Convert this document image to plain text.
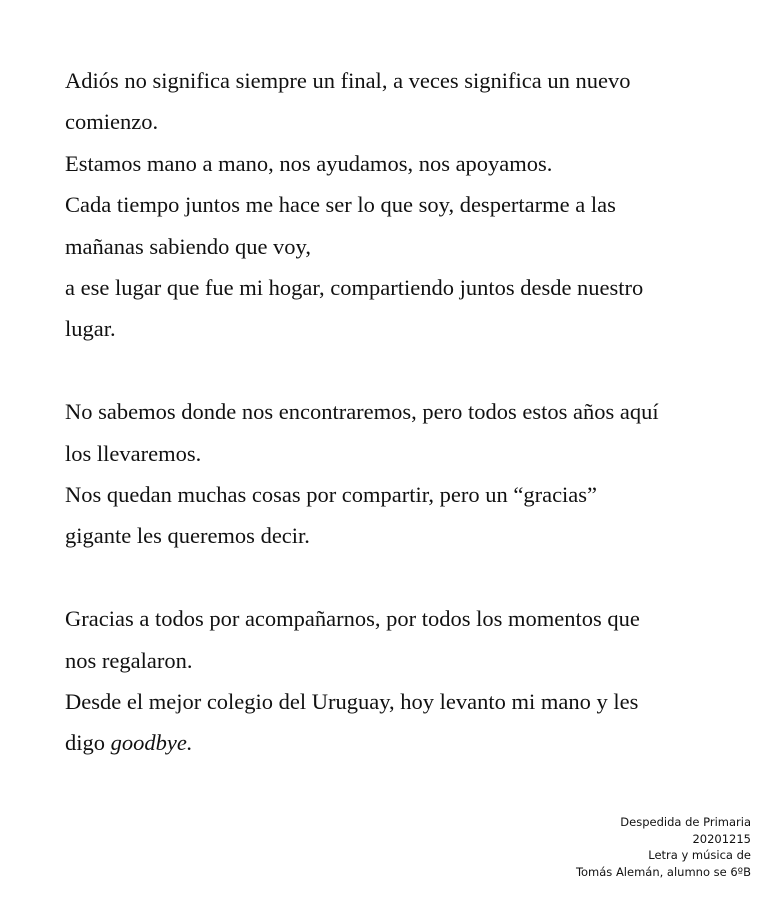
Adiós no significa siempre un final, a veces significa un nuevo
comienzo.
Estamos mano a mano, nos ayudamos, nos apoyamos.
Cada tiempo juntos me hace ser lo que soy, despertarme a las
mañanas sabiendo que voy,
a ese lugar que fue mi hogar, compartiendo juntos desde nuestro
lugar.
No sabemos donde nos encontraremos, pero todos estos años aquí
los llevaremos.
Nos quedan muchas cosas por compartir, pero un “gracias”
gigante les queremos decir.
Gracias a todos por acompañarnos, por todos los momentos que
nos regalaron.
Desde el mejor colegio del Uruguay, hoy levanto mi mano y les
digo goodbye.
Despedida de Primaria
20201215
Letra y música de
Tomás Alemán, alumno se 6ºB
